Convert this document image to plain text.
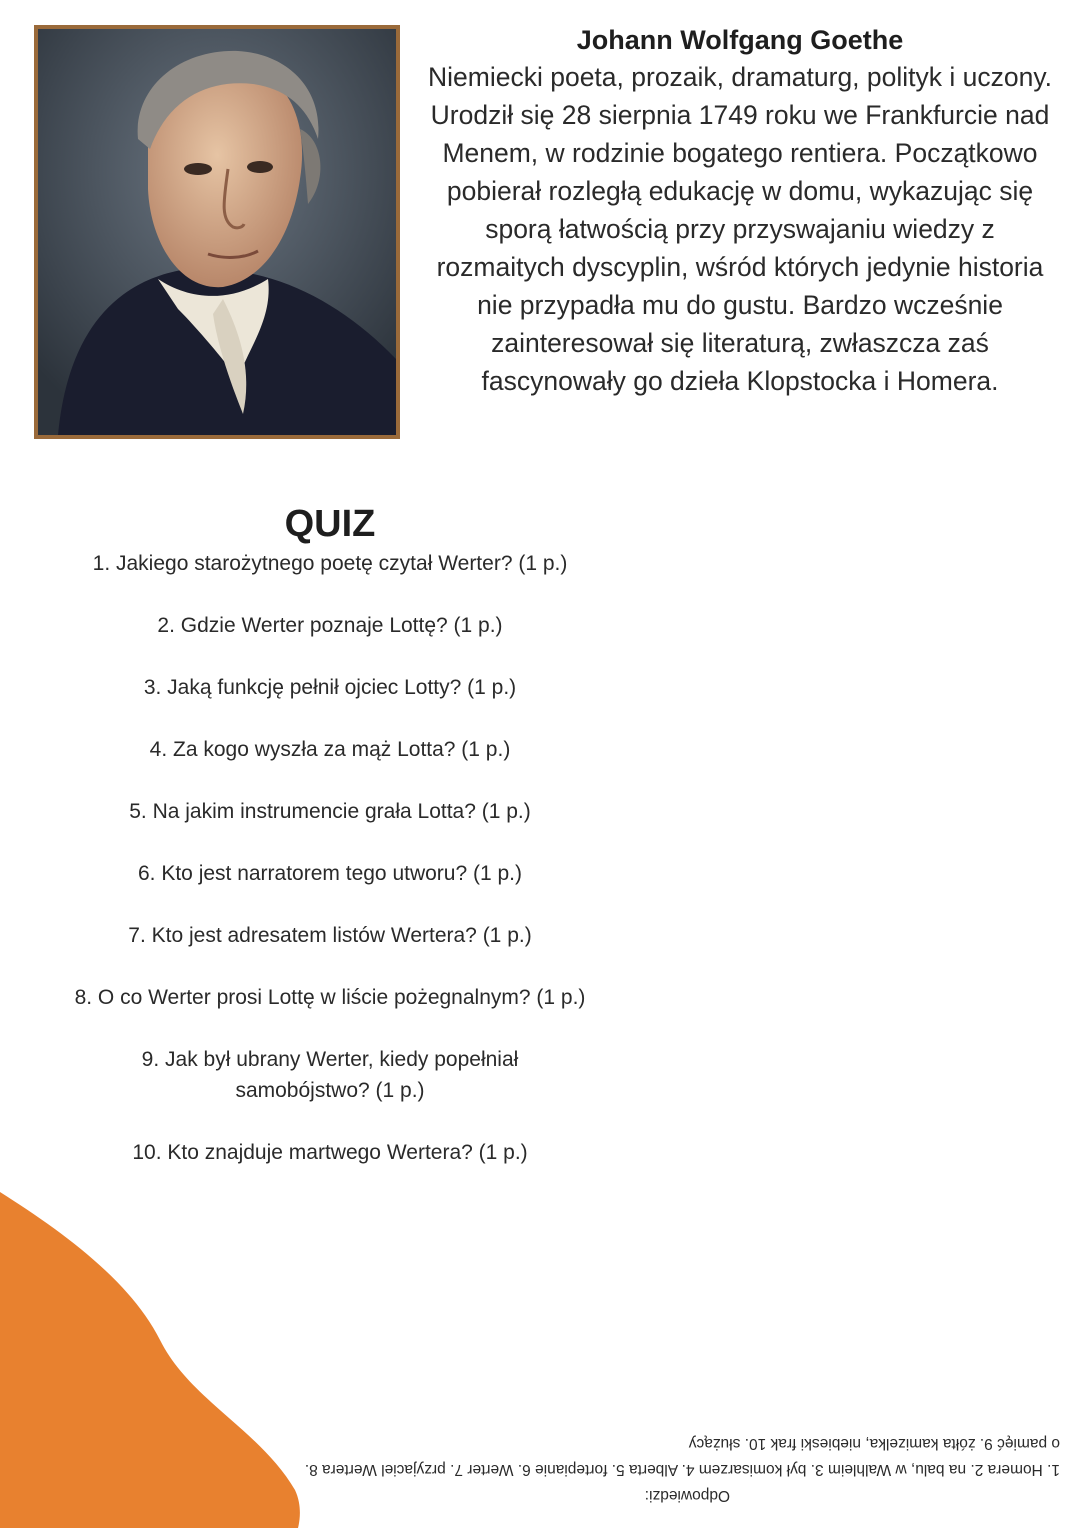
Johann Wolfgang Goethe
Niemiecki poeta, prozaik, dramaturg, polityk i uczony. Urodził się 28 sierpnia 1749 roku we Frankfurcie nad Menem, w rodzinie bogatego rentiera. Początkowo pobierał rozległą edukację w domu, wykazując się sporą łatwością przy przyswajaniu wiedzy z rozmaitych dyscyplin, wśród których jedynie historia nie przypadła mu do gustu. Bardzo wcześnie zainteresował się literaturą, zwłaszcza zaś fascynowały go dzieła Klopstocka i Homera.
QUIZ
1. Jakiego starożytnego poetę czytał Werter? (1 p.)
2. Gdzie Werter poznaje Lottę? (1 p.)
3. Jaką funkcję pełnił ojciec Lotty? (1 p.)
4. Za kogo wyszła za mąż Lotta? (1 p.)
5. Na jakim instrumencie grała Lotta? (1 p.)
6. Kto jest narratorem tego utworu? (1 p.)
7. Kto jest adresatem listów Wertera? (1 p.)
8. O co Werter prosi Lottę w liście pożegnalnym? (1 p.)
9. Jak był ubrany Werter, kiedy popełniał samobójstwo? (1 p.)
10. Kto znajduje martwego Wertera? (1 p.)
Odpowiedzi:
1. Homera 2. na balu, w Walhleim 3. był komisarzem 4. Alberta 5. fortepianie 6. Werter 7. przyjaciel Wertera 8. o pamięć 9. żółta kamizelka, niebieski frak 10. służący
